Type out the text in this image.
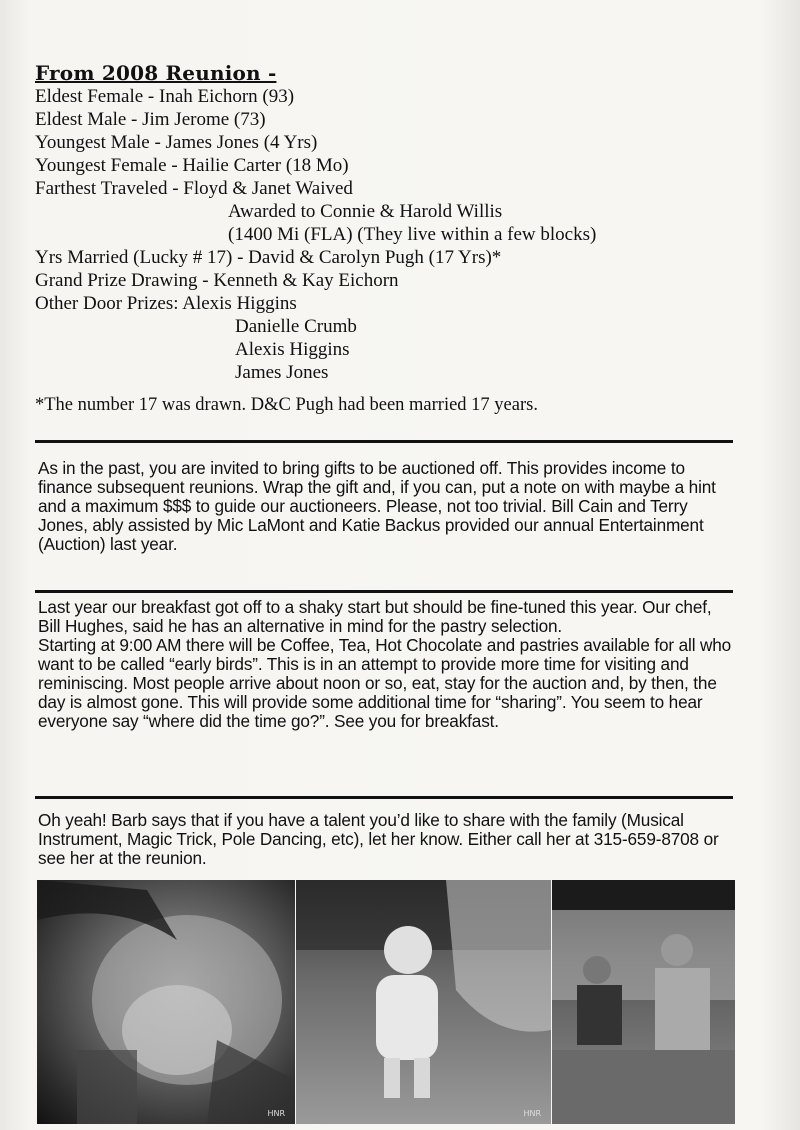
From 2008 Reunion -
Eldest Female - Inah Eichorn (93)
Eldest Male - Jim Jerome (73)
Youngest Male - James Jones (4 Yrs)
Youngest Female - Hailie Carter (18 Mo)
Farthest Traveled - Floyd & Janet Waived
Awarded to Connie & Harold Willis
(1400 Mi (FLA) (They live within a few blocks)
Yrs Married (Lucky # 17) - David & Carolyn Pugh (17 Yrs)*
Grand Prize Drawing - Kenneth & Kay Eichorn
Other Door Prizes: Alexis Higgins
Danielle Crumb
Alexis Higgins
James Jones
*The number 17 was drawn. D&C Pugh had been married 17 years.

As in the past, you are invited to bring gifts to be auctioned off. This provides income to finance subsequent reunions. Wrap the gift and, if you can, put a note on with maybe a hint and a maximum $$$ to guide our auctioneers. Please, not too trivial. Bill Cain and Terry Jones, ably assisted by Mic LaMont and Katie Backus provided our annual Entertainment (Auction) last year.

Last year our breakfast got off to a shaky start but should be fine-tuned this year. Our chef, Bill Hughes, said he has an alternative in mind for the pastry selection.

Starting at 9:00 AM there will be Coffee, Tea, Hot Chocolate and pastries available for all who want to be called “early birds”. This is in an attempt to provide more time for visiting and reminiscing. Most people arrive about noon or so, eat, stay for the auction and, by then, the day is almost gone. This will provide some additional time for “sharing”. You seem to hear everyone say “where did the time go?”. See you for breakfast.

Oh yeah! Barb says that if you have a talent you’d like to share with the family (Musical Instrument, Magic Trick, Pole Dancing, etc), let her know. Either call her at 315-659-8708 or see her at the reunion.

HNR	HNR
